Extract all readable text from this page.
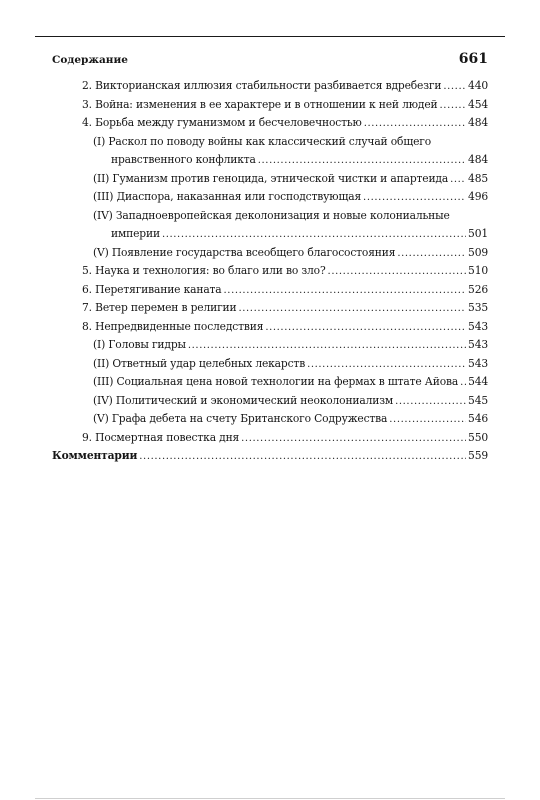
Содержание	661
2. Викторианская иллюзия стабильности разбивается вдребезги ..... 440
3. Война: изменения в ее характере и в отношении к ней людей .....	454
4. Борьба между гуманизмом и бесчеловечностью .....	484
(I) Раскол по поводу войны как классический случай общего
нравственного конфликта .....	484
(II) Гуманизм против геноцида, этнической чистки и апартеида ..... 485
(III) Диаспора, наказанная или господствующая .....	496
(IV) Западноевропейская деколонизация и новые колониальные
империи .....	501
(V) Появление государства всеобщего благосостояния .....	509
5. Наука и технология: во благо или во зло? .....	510
6. Перетягивание каната .....	526
7. Ветер перемен в религии .....	535
8. Непредвиденные последствия .....	543
(I) Головы гидры .....	543
(II) Ответный удар целебных лекарств .....	543
(III) Социальная цена новой технологии на фермах в штате Айова ..... 544
(IV) Политический и экономический неоколониализм .....	545
(V) Графа дебета на счету Британского Содружества .....	546
9. Посмертная повестка дня .....	550
Комментарии .....	559
